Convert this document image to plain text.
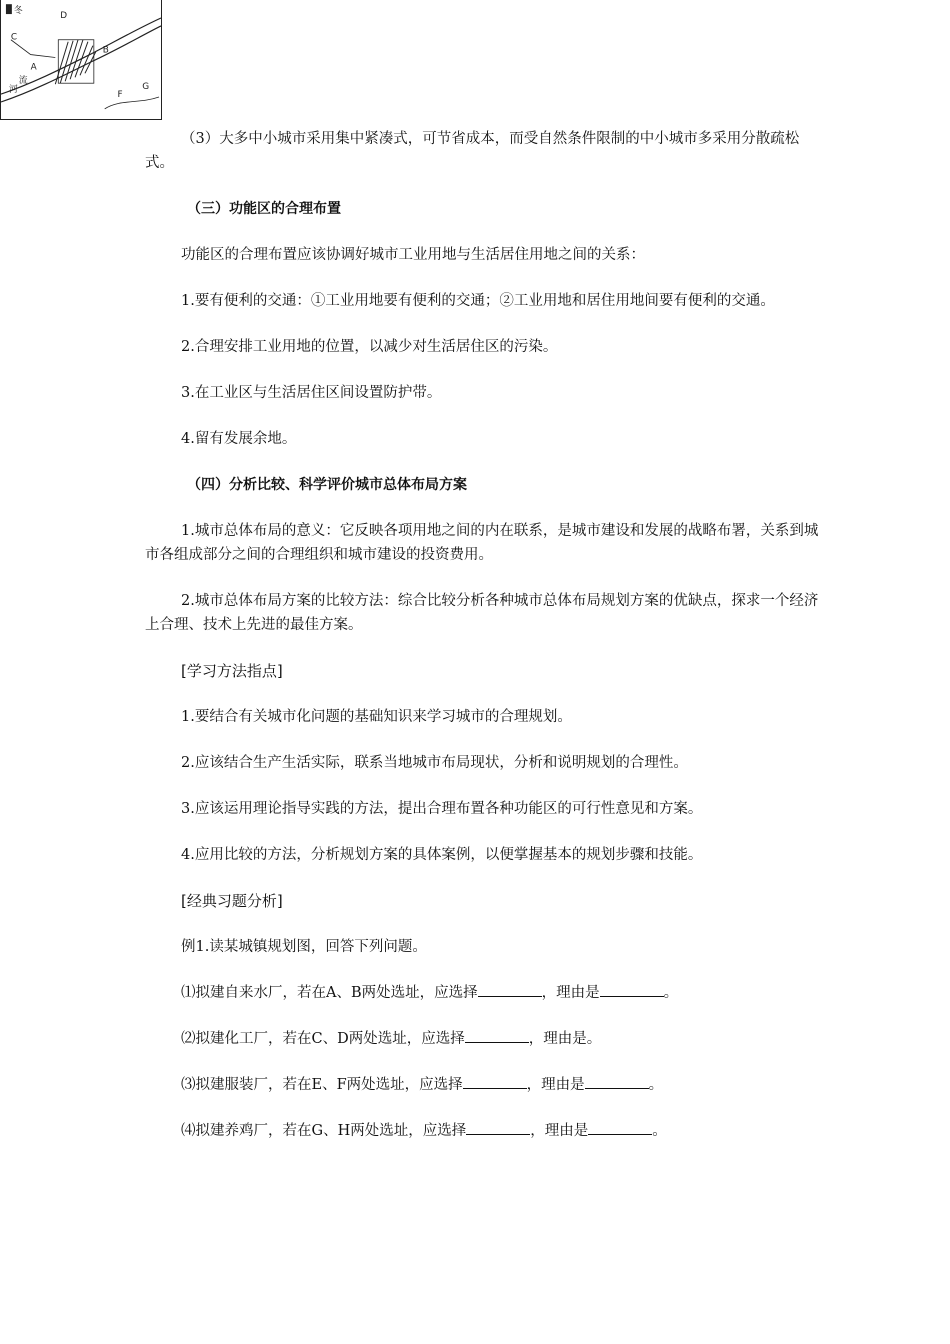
冬	D
C
B
A
流
河	F
G

（3）大多中小城市采用集中紧凑式，可节省成本，而受自然条件限制的中小城市多采用分散疏松式。

（三）功能区的合理布置

功能区的合理布置应该协调好城市工业用地与生活居住用地之间的关系：

1.要有便利的交通：①工业用地要有便利的交通；②工业用地和居住用地间要有便利的交通。

2.合理安排工业用地的位置，以减少对生活居住区的污染。

3.在工业区与生活居住区间设置防护带。

4.留有发展余地。

（四）分析比较、科学评价城市总体布局方案

1.城市总体布局的意义：它反映各项用地之间的内在联系，是城市建设和发展的战略布署，关系到城市各组成部分之间的合理组织和城市建设的投资费用。

2.城市总体布局方案的比较方法：综合比较分析各种城市总体布局规划方案的优缺点，探求一个经济上合理、技术上先进的最佳方案。

[学习方法指点]

1.要结合有关城市化问题的基础知识来学习城市的合理规划。

2.应该结合生产生活实际，联系当地城市布局现状，分析和说明规划的合理性。

3.应该运用理论指导实践的方法，提出合理布置各种功能区的可行性意见和方案。

4.应用比较的方法，分析规划方案的具体案例，以便掌握基本的规划步骤和技能。

[经典习题分析]

例1.读某城镇规划图，回答下列问题。

⑴拟建自来水厂，若在A、B两处选址，应选择	，理由是	。

⑵拟建化工厂，若在C、D两处选址，应选择	，理由是。

⑶拟建服装厂，若在E、F两处选址，应选择	，理由是	。

⑷拟建养鸡厂，若在G、H两处选址，应选择	，理由是	。
